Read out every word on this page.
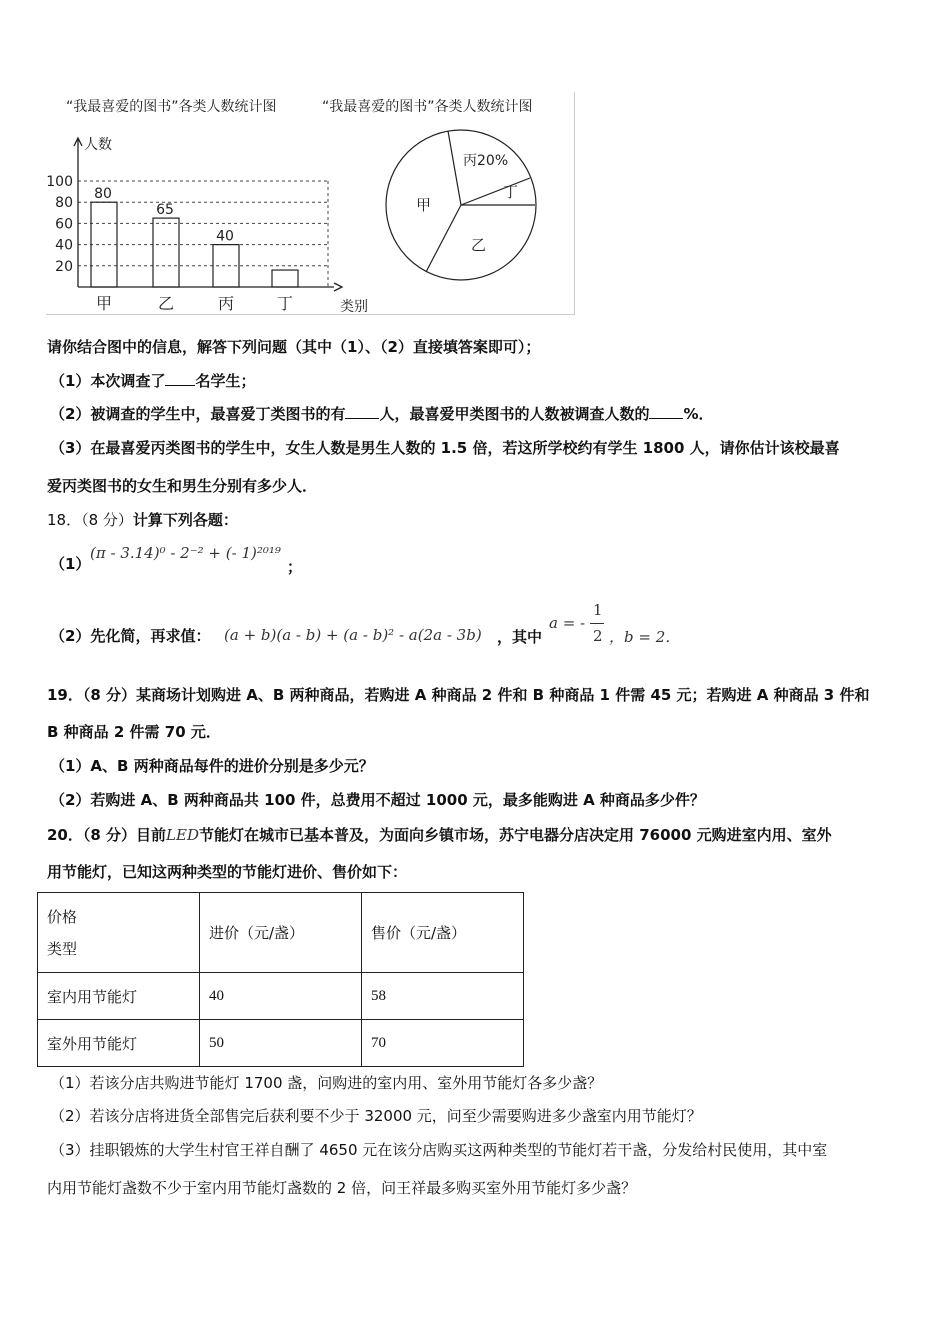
“我最喜爱的图书”各类人数统计图	“我最喜爱的图书”各类人数统计图
20
40
60
80
100
人数
类别
80
甲
65
乙
40
丙	丁
甲
乙
丙20%
丁
请你结合图中的信息，解答下列问题（其中（1）、（2）直接填答案即可）；
（1）本次调查了 名学生；
（2）被调查的学生中，最喜爱丁类图书的有 人，最喜爱甲类图书的人数被调查人数的 %．
（3）在最喜爱丙类图书的学生中，女生人数是男生人数的 1.5 倍，若这所学校约有学生 1800 人，请你估计该校最喜
爱丙类图书的女生和男生分别有多少人．
18．（8 分）计算下列各题：
（1）
(π - 3.14)⁰ - 2⁻² + (- 1)²⁰¹⁹
；
（2）先化简，再求值： (a + b)(a - b) + (a - b)² - a(2a - 3b) ，其中
a = -
1
2 ，b = 2．
19．（8 分）某商场计划购进 A、B 两种商品，若购进 A 种商品 2 件和 B 种商品 1 件需 45 元；若购进 A 种商品 3 件和
B 种商品 2 件需 70 元．
（1）A、B 两种商品每件的进价分别是多少元？
（2）若购进 A、B 两种商品共 100 件，总费用不超过 1000 元，最多能购进 A 种商品多少件？
20．（8 分）目前LED节能灯在城市已基本普及，为面向乡镇市场，苏宁电器分店决定用 76000 元购进室内用、室外
用节能灯，已知这两种类型的节能灯进价、售价如下：
价格
类型	进价（元/盏）	售价（元/盏）
室内用节能灯	40	58
室外用节能灯	50	70
（1）若该分店共购进节能灯 1700 盏，问购进的室内用、室外用节能灯各多少盏？
（2）若该分店将进货全部售完后获利要不少于 32000 元，问至少需要购进多少盏室内用节能灯？
（3）挂职锻炼的大学生村官王祥自酬了 4650 元在该分店购买这两种类型的节能灯若干盏，分发给村民使用，其中室
内用节能灯盏数不少于室内用节能灯盏数的 2 倍，问王祥最多购买室外用节能灯多少盏？
